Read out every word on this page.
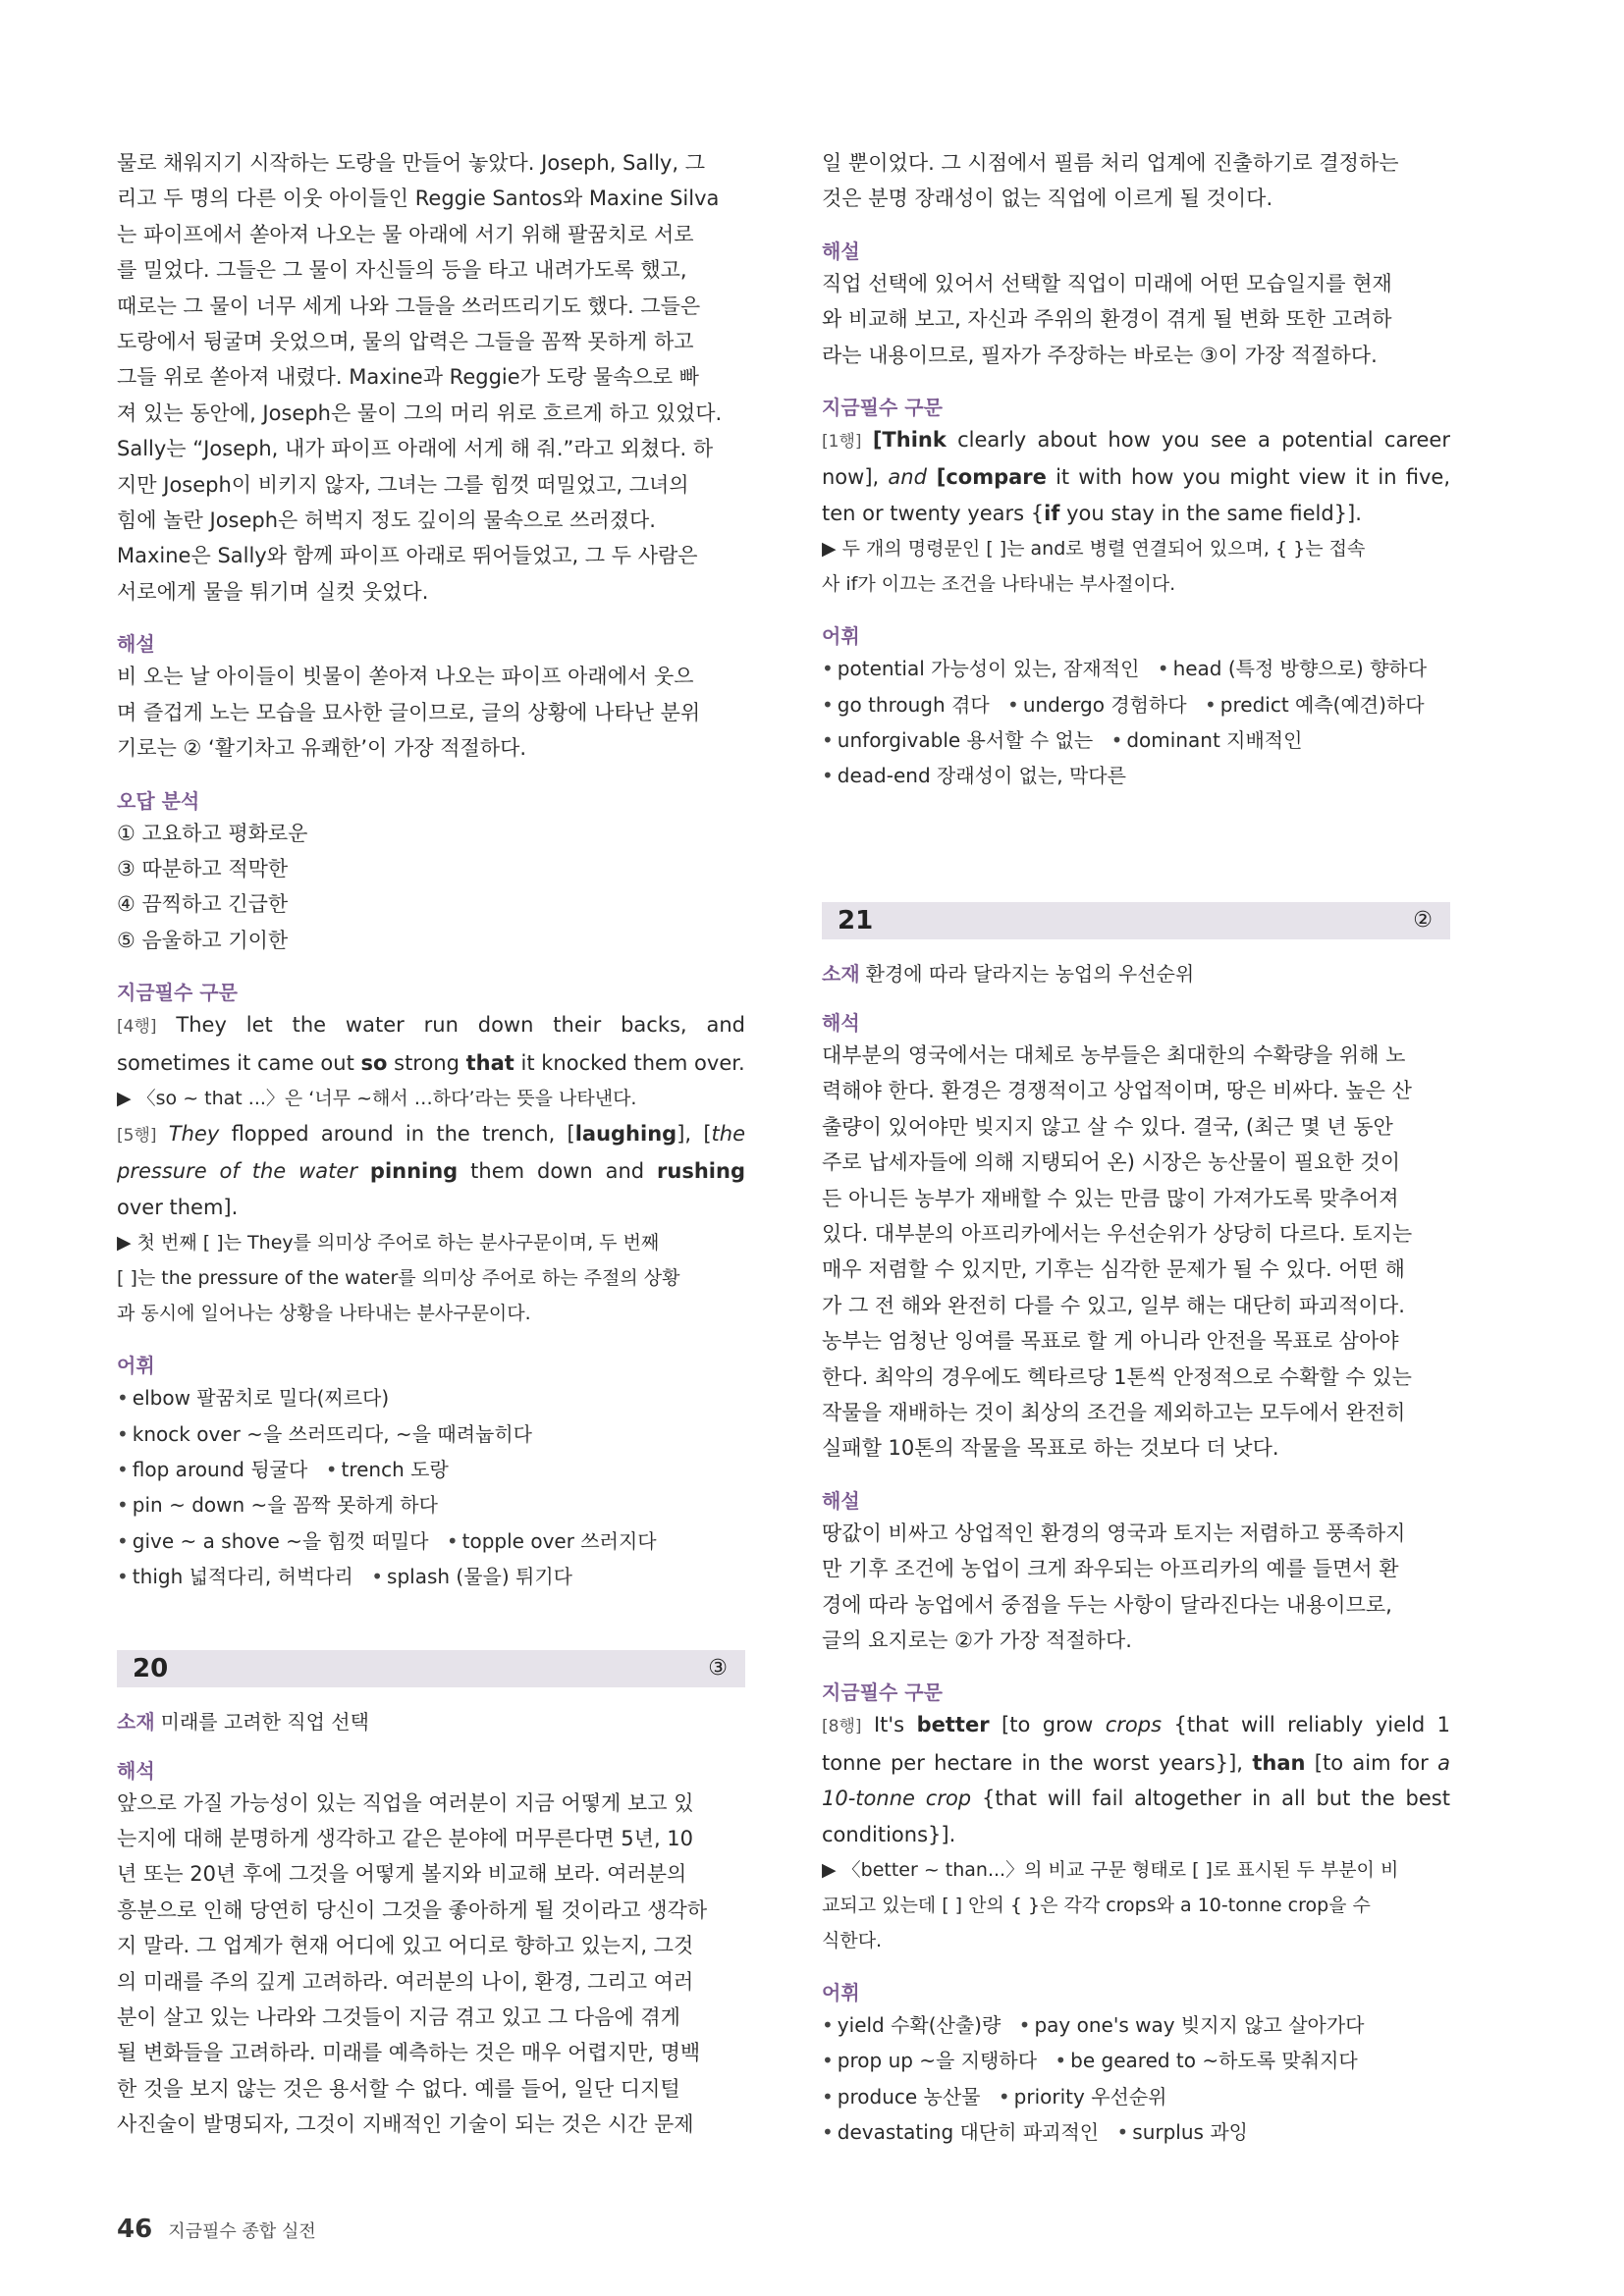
물로 채워지기 시작하는 도랑을 만들어 놓았다. Joseph, Sally, 그

리고 두 명의 다른 이웃 아이들인 Reggie Santos와 Maxine Silva

는 파이프에서 쏟아져 나오는 물 아래에 서기 위해 팔꿈치로 서로

를 밀었다. 그들은 그 물이 자신들의 등을 타고 내려가도록 했고,

때로는 그 물이 너무 세게 나와 그들을 쓰러뜨리기도 했다. 그들은

도랑에서 뒹굴며 웃었으며, 물의 압력은 그들을 꼼짝 못하게 하고

그들 위로 쏟아져 내렸다. Maxine과 Reggie가 도랑 물속으로 빠

져 있는 동안에, Joseph은 물이 그의 머리 위로 흐르게 하고 있었다.

Sally는 “Joseph, 내가 파이프 아래에 서게 해 줘.”라고 외쳤다. 하

지만 Joseph이 비키지 않자, 그녀는 그를 힘껏 떠밀었고, 그녀의

힘에 놀란 Joseph은 허벅지 정도 깊이의 물속으로 쓰러졌다.

Maxine은 Sally와 함께 파이프 아래로 뛰어들었고, 그 두 사람은

서로에게 물을 튀기며 실컷 웃었다.

해설

비 오는 날 아이들이 빗물이 쏟아져 나오는 파이프 아래에서 웃으

며 즐겁게 노는 모습을 묘사한 글이므로, 글의 상황에 나타난 분위

기로는 ② ‘활기차고 유쾌한’이 가장 적절하다.

오답 분석

① 고요하고 평화로운

③ 따분하고 적막한

④ 끔찍하고 긴급한

⑤ 음울하고 기이한

지금필수 구문

[4행] They let the water run down their backs, and sometimes it came out so strong that it knocked them over.

▶ 〈so ~ that ...〉은 ‘너무 ~해서 …하다’라는 뜻을 나타낸다.

[5행] They flopped around in the trench, [laughing], [the pressure of the water pinning them down and rushing over them].

▶ 첫 번째 [ ]는 They를 의미상 주어로 하는 분사구문이며, 두 번째

[ ]는 the pressure of the water를 의미상 주어로 하는 주절의 상황

과 동시에 일어나는 상황을 나타내는 분사구문이다.

어휘

• elbow 팔꿈치로 밀다(찌르다) • knock over ~을 쓰러뜨리다, ~을 때려눕히다 • flop around 뒹굴다 • trench 도랑 • pin ~ down ~을 꼼짝 못하게 하다 • give ~ a shove ~을 힘껏 떠밀다 • topple over 쓰러지다 • thigh 넓적다리, 허벅다리 • splash (물을) 튀기다

20	③

소재 미래를 고려한 직업 선택

해석

앞으로 가질 가능성이 있는 직업을 여러분이 지금 어떻게 보고 있

는지에 대해 분명하게 생각하고 같은 분야에 머무른다면 5년, 10

년 또는 20년 후에 그것을 어떻게 볼지와 비교해 보라. 여러분의

흥분으로 인해 당연히 당신이 그것을 좋아하게 될 것이라고 생각하

지 말라. 그 업계가 현재 어디에 있고 어디로 향하고 있는지, 그것

의 미래를 주의 깊게 고려하라. 여러분의 나이, 환경, 그리고 여러

분이 살고 있는 나라와 그것들이 지금 겪고 있고 그 다음에 겪게

될 변화들을 고려하라. 미래를 예측하는 것은 매우 어렵지만, 명백

한 것을 보지 않는 것은 용서할 수 없다. 예를 들어, 일단 디지털

사진술이 발명되자, 그것이 지배적인 기술이 되는 것은 시간 문제

일 뿐이었다. 그 시점에서 필름 처리 업계에 진출하기로 결정하는

것은 분명 장래성이 없는 직업에 이르게 될 것이다.

해설

직업 선택에 있어서 선택할 직업이 미래에 어떤 모습일지를 현재

와 비교해 보고, 자신과 주위의 환경이 겪게 될 변화 또한 고려하

라는 내용이므로, 필자가 주장하는 바로는 ③이 가장 적절하다.

지금필수 구문

[1행] [Think clearly about how you see a potential career now], and [compare it with how you might view it in five, ten or twenty years {if you stay in the same field}].

▶ 두 개의 명령문인 [ ]는 and로 병렬 연결되어 있으며, { }는 접속

사 if가 이끄는 조건을 나타내는 부사절이다.

어휘

• potential 가능성이 있는, 잠재적인 • head (특정 방향으로) 향하다 • go through 겪다 • undergo 경험하다 • predict 예측(예견)하다 • unforgivable 용서할 수 없는 • dominant 지배적인 • dead-end 장래성이 없는, 막다른

21	②

소재 환경에 따라 달라지는 농업의 우선순위

해석

대부분의 영국에서는 대체로 농부들은 최대한의 수확량을 위해 노

력해야 한다. 환경은 경쟁적이고 상업적이며, 땅은 비싸다. 높은 산

출량이 있어야만 빚지지 않고 살 수 있다. 결국, (최근 몇 년 동안

주로 납세자들에 의해 지탱되어 온) 시장은 농산물이 필요한 것이

든 아니든 농부가 재배할 수 있는 만큼 많이 가져가도록 맞추어져

있다. 대부분의 아프리카에서는 우선순위가 상당히 다르다. 토지는

매우 저렴할 수 있지만, 기후는 심각한 문제가 될 수 있다. 어떤 해

가 그 전 해와 완전히 다를 수 있고, 일부 해는 대단히 파괴적이다.

농부는 엄청난 잉여를 목표로 할 게 아니라 안전을 목표로 삼아야

한다. 최악의 경우에도 헥타르당 1톤씩 안정적으로 수확할 수 있는

작물을 재배하는 것이 최상의 조건을 제외하고는 모두에서 완전히

실패할 10톤의 작물을 목표로 하는 것보다 더 낫다.

해설

땅값이 비싸고 상업적인 환경의 영국과 토지는 저렴하고 풍족하지

만 기후 조건에 농업이 크게 좌우되는 아프리카의 예를 들면서 환

경에 따라 농업에서 중점을 두는 사항이 달라진다는 내용이므로,

글의 요지로는 ②가 가장 적절하다.

지금필수 구문

[8행] It's better [to grow crops {that will reliably yield 1 tonne per hectare in the worst years}], than [to aim for a 10-tonne crop {that will fail altogether in all but the best conditions}].

▶ 〈better ~ than...〉의 비교 구문 형태로 [ ]로 표시된 두 부분이 비

교되고 있는데 [ ] 안의 { }은 각각 crops와 a 10-tonne crop을 수

식한다.

어휘

• yield 수확(산출)량 • pay one's way 빚지지 않고 살아가다 • prop up ~을 지탱하다 • be geared to ~하도록 맞춰지다 • produce 농산물 • priority 우선순위 • devastating 대단히 파괴적인 • surplus 과잉

46 지금필수 종합 실전
